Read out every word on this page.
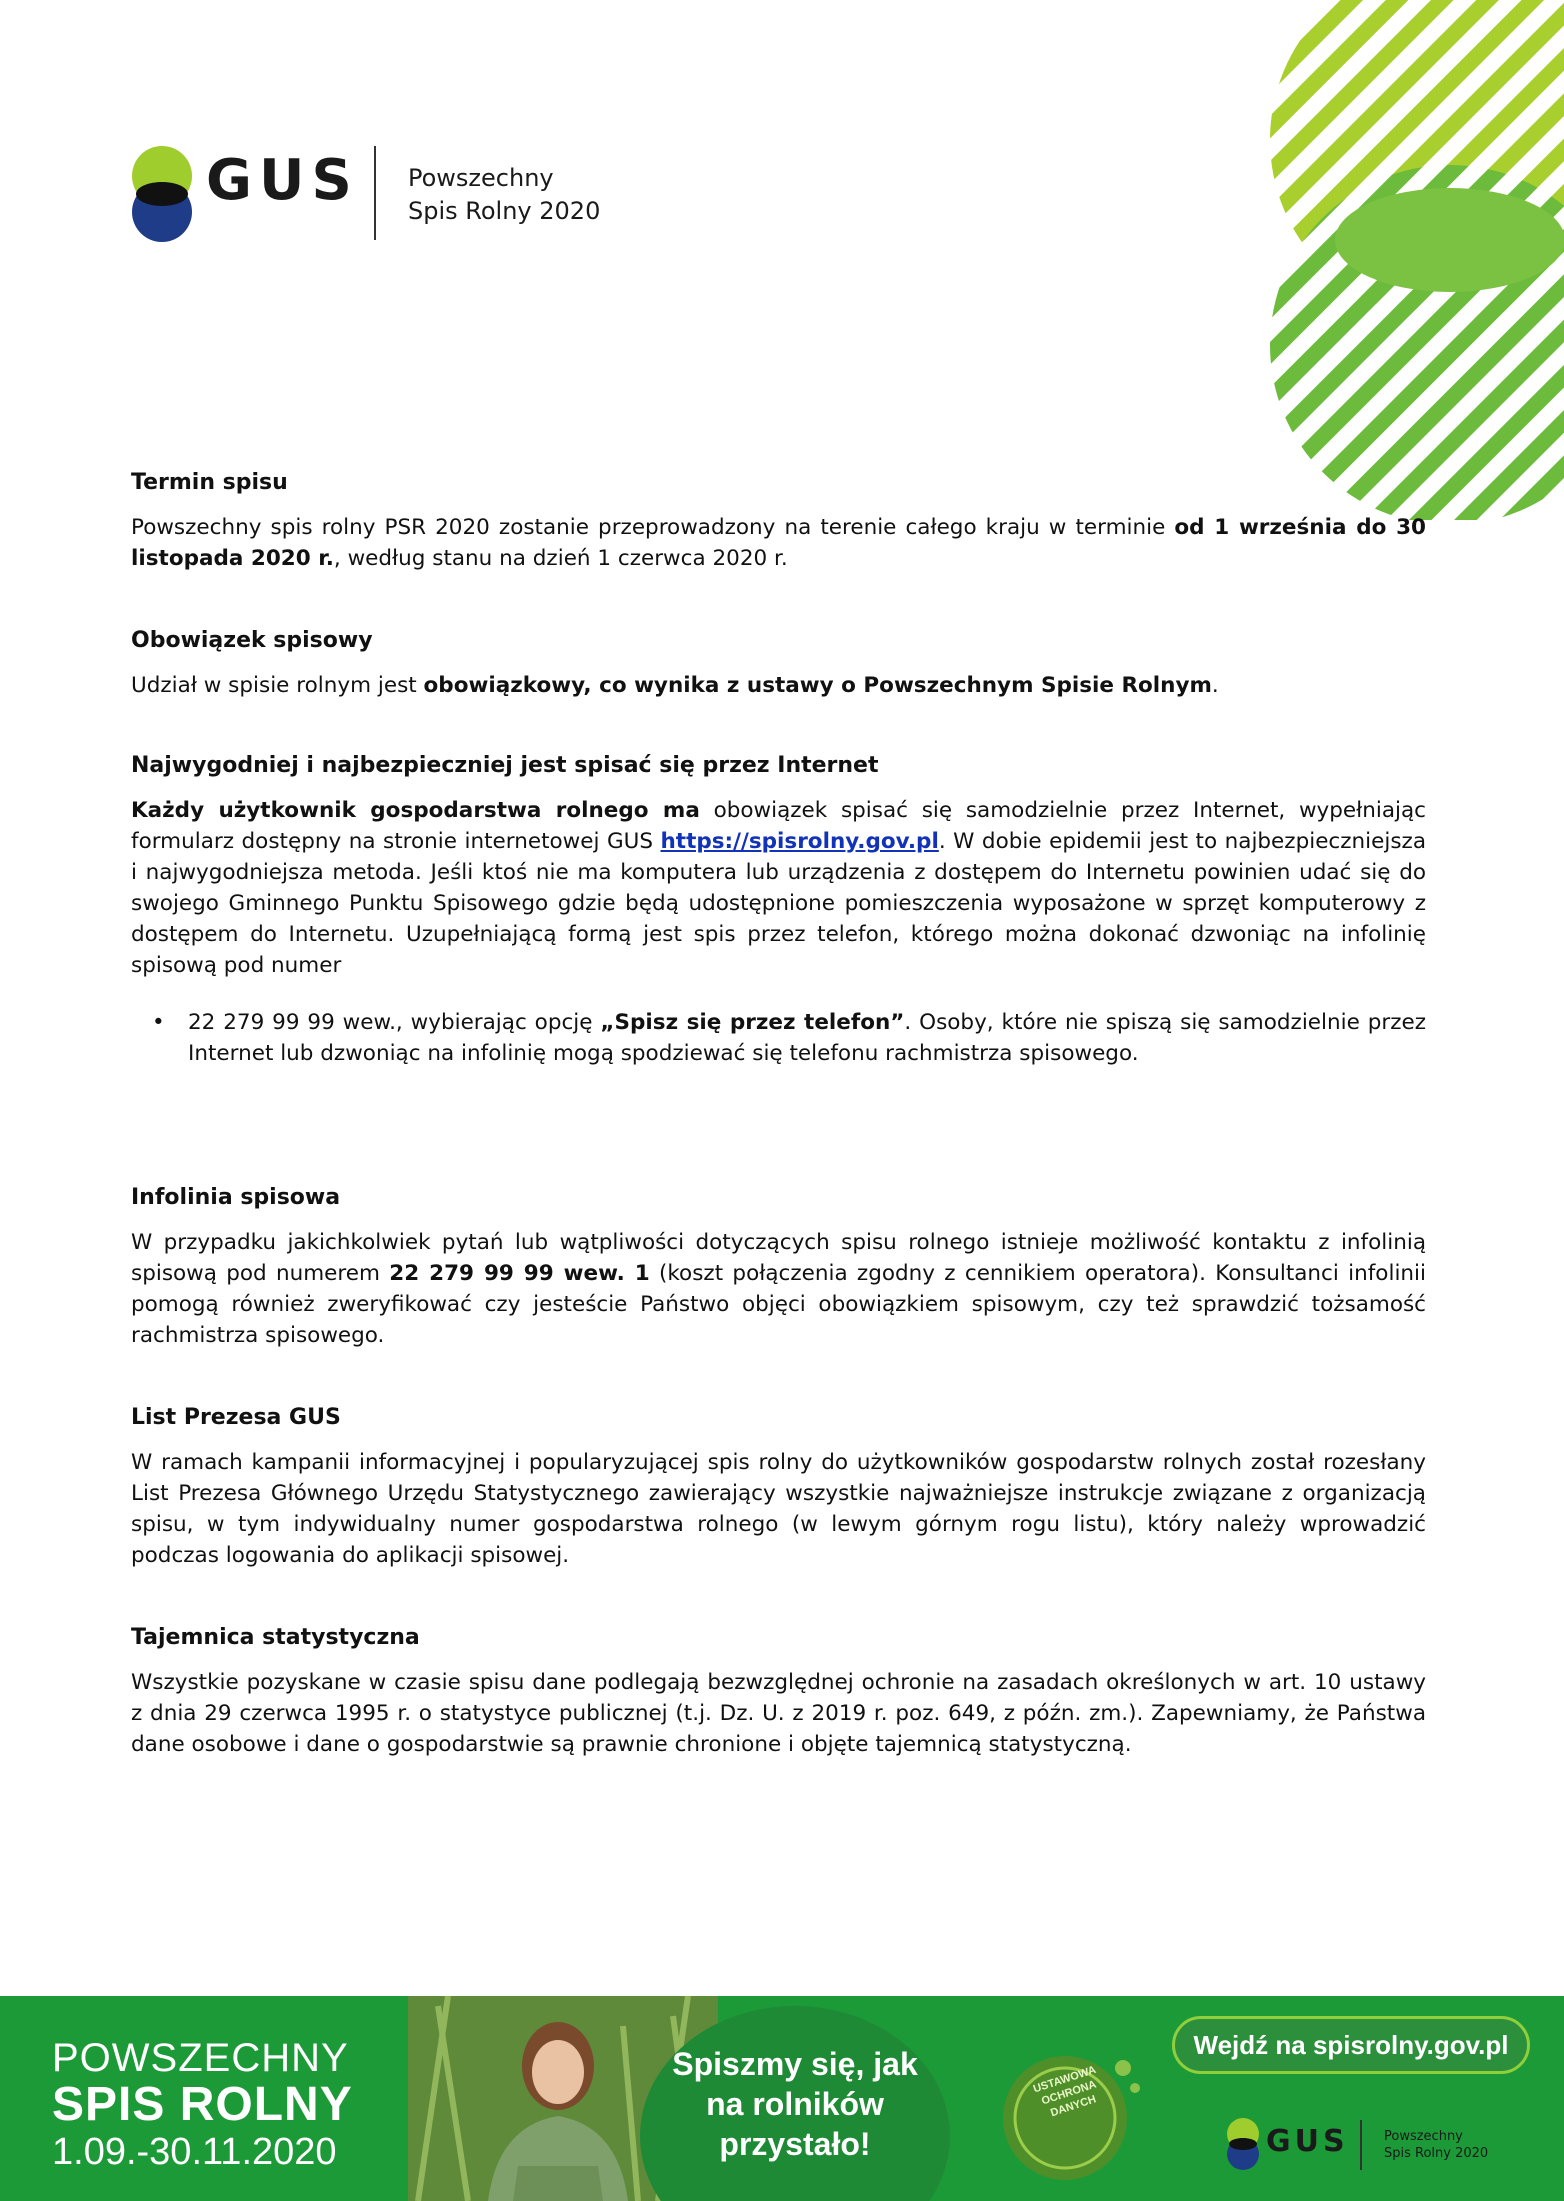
GUS Powszechny
Spis Rolny 2020
Termin spisu

Powszechny spis rolny PSR 2020 zostanie przeprowadzony na terenie całego kraju w terminie od 1 września do 30 listopada 2020 r., według stanu na dzień 1 czerwca 2020 r.

Obowiązek spisowy

Udział w spisie rolnym jest obowiązkowy, co wynika z ustawy o Powszechnym Spisie Rolnym.

Najwygodniej i najbezpieczniej jest spisać się przez Internet

Każdy użytkownik gospodarstwa rolnego ma obowiązek spisać się samodzielnie przez Internet, wypełniając formularz dostępny na stronie internetowej GUS https://spisrolny.gov.pl. W dobie epidemii jest to najbezpieczniejsza i najwygodniejsza metoda. Jeśli ktoś nie ma komputera lub urządzenia z dostępem do Internetu powinien udać się do swojego Gminnego Punktu Spisowego gdzie będą udostępnione pomieszczenia wyposażone w sprzęt komputerowy z dostępem do Internetu. Uzupełniającą formą jest spis przez telefon, którego można dokonać dzwoniąc na infolinię spisową pod numer

• 22 279 99 99 wew., wybierając opcję „Spisz się przez telefon”. Osoby, które nie spiszą się samodzielnie przez Internet lub dzwoniąc na infolinię mogą spodziewać się telefonu rachmistrza spisowego.
Infolinia spisowa

W przypadku jakichkolwiek pytań lub wątpliwości dotyczących spisu rolnego istnieje możliwość kontaktu z infolinią spisową pod numerem 22 279 99 99 wew. 1 (koszt połączenia zgodny z cennikiem operatora). Konsultanci infolinii pomogą również zweryfikować czy jesteście Państwo objęci obowiązkiem spisowym, czy też sprawdzić tożsamość rachmistrza spisowego.

List Prezesa GUS

W ramach kampanii informacyjnej i popularyzującej spis rolny do użytkowników gospodarstw rolnych został rozesłany List Prezesa Głównego Urzędu Statystycznego zawierający wszystkie najważniejsze instrukcje związane z organizacją spisu, w tym indywidualny numer gospodarstwa rolnego (w lewym górnym rogu listu), który należy wprowadzić podczas logowania do aplikacji spisowej.

Tajemnica statystyczna

Wszystkie pozyskane w czasie spisu dane podlegają bezwzględnej ochronie na zasadach określonych w art. 10 ustawy z dnia 29 czerwca 1995 r. o statystyce publicznej (t.j. Dz. U. z 2019 r. poz. 649, z późn. zm.). Zapewniamy, że Państwa dane osobowe i dane o gospodarstwie są prawnie chronione i objęte tajemnicą statystyczną.

POWSZECHNY
SPIS ROLNY
1.09.-30.11.2020
Spiszmy się, jak na rolników przystało!
USTAWOWA OCHRONA DANYCH
Wejdź na spisrolny.gov.pl
GUS	Powszechny
Spis Rolny 2020
